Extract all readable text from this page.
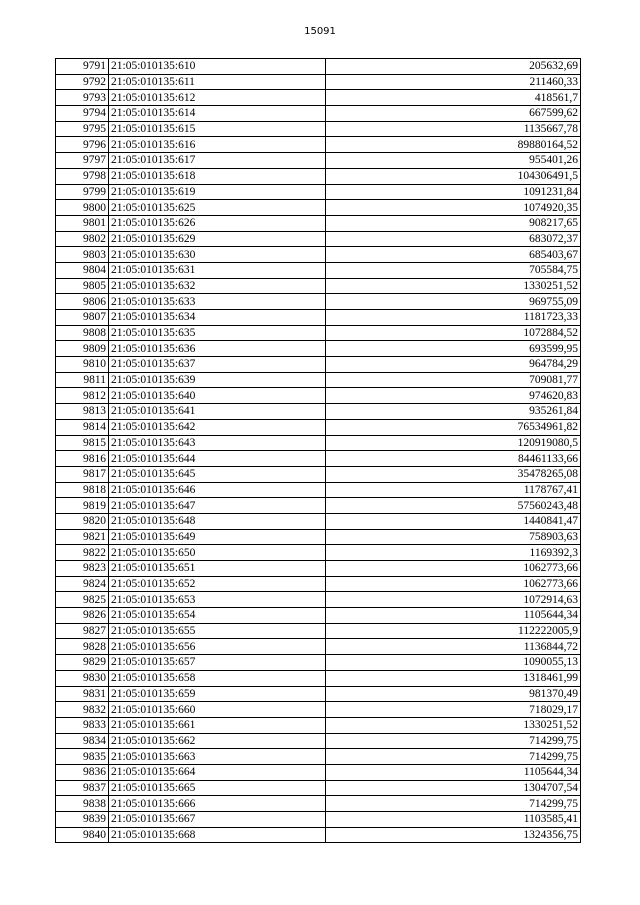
15091
9791	21:05:010135:610	205632,69
9792	21:05:010135:611	211460,33
9793	21:05:010135:612	418561,7
9794	21:05:010135:614	667599,62
9795	21:05:010135:615	1135667,78
9796	21:05:010135:616	89880164,52
9797	21:05:010135:617	955401,26
9798	21:05:010135:618	104306491,5
9799	21:05:010135:619	1091231,84
9800	21:05:010135:625	1074920,35
9801	21:05:010135:626	908217,65
9802	21:05:010135:629	683072,37
9803	21:05:010135:630	685403,67
9804	21:05:010135:631	705584,75
9805	21:05:010135:632	1330251,52
9806	21:05:010135:633	969755,09
9807	21:05:010135:634	1181723,33
9808	21:05:010135:635	1072884,52
9809	21:05:010135:636	693599,95
9810	21:05:010135:637	964784,29
9811	21:05:010135:639	709081,77
9812	21:05:010135:640	974620,83
9813	21:05:010135:641	935261,84
9814	21:05:010135:642	76534961,82
9815	21:05:010135:643	120919080,5
9816	21:05:010135:644	84461133,66
9817	21:05:010135:645	35478265,08
9818	21:05:010135:646	1178767,41
9819	21:05:010135:647	57560243,48
9820	21:05:010135:648	1440841,47
9821	21:05:010135:649	758903,63
9822	21:05:010135:650	1169392,3
9823	21:05:010135:651	1062773,66
9824	21:05:010135:652	1062773,66
9825	21:05:010135:653	1072914,63
9826	21:05:010135:654	1105644,34
9827	21:05:010135:655	112222005,9
9828	21:05:010135:656	1136844,72
9829	21:05:010135:657	1090055,13
9830	21:05:010135:658	1318461,99
9831	21:05:010135:659	981370,49
9832	21:05:010135:660	718029,17
9833	21:05:010135:661	1330251,52
9834	21:05:010135:662	714299,75
9835	21:05:010135:663	714299,75
9836	21:05:010135:664	1105644,34
9837	21:05:010135:665	1304707,54
9838	21:05:010135:666	714299,75
9839	21:05:010135:667	1103585,41
9840	21:05:010135:668	1324356,75
